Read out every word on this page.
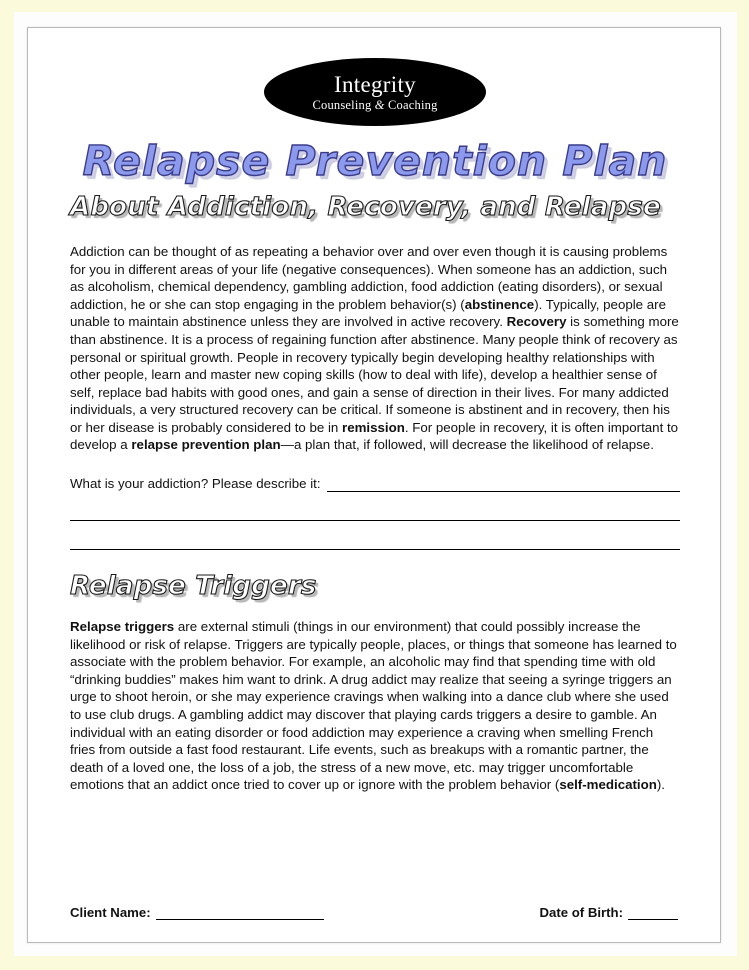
Integrity
Counseling & Coaching
Relapse Prevention Plan
About Addiction, Recovery, and Relapse

Addiction can be thought of as repeating a behavior over and over even though it is causing problems for you in different areas of your life (negative consequences). When someone has an addiction, such as alcoholism, chemical dependency, gambling addiction, food addiction (eating disorders), or sexual addiction, he or she can stop engaging in the problem behavior(s) (abstinence). Typically, people are unable to maintain abstinence unless they are involved in active recovery. Recovery is something more than abstinence. It is a process of regaining function after abstinence. Many people think of recovery as personal or spiritual growth. People in recovery typically begin developing healthy relationships with other people, learn and master new coping skills (how to deal with life), develop a healthier sense of self, replace bad habits with good ones, and gain a sense of direction in their lives. For many addicted individuals, a very structured recovery can be critical. If someone is abstinent and in recovery, then his or her disease is probably considered to be in remission. For people in recovery, it is often important to develop a relapse prevention plan—a plan that, if followed, will decrease the likelihood of relapse.

What is your addiction? Please describe it:
Relapse Triggers

Relapse triggers are external stimuli (things in our environment) that could possibly increase the likelihood or risk of relapse. Triggers are typically people, places, or things that someone has learned to associate with the problem behavior. For example, an alcoholic may find that spending time with old “drinking buddies” makes him want to drink. A drug addict may realize that seeing a syringe triggers an urge to shoot heroin, or she may experience cravings when walking into a dance club where she used to use club drugs. A gambling addict may discover that playing cards triggers a desire to gamble. An individual with an eating disorder or food addiction may experience a craving when smelling French fries from outside a fast food restaurant. Life events, such as breakups with a romantic partner, the death of a loved one, the loss of a job, the stress of a new move, etc. may trigger uncomfortable emotions that an addict once tried to cover up or ignore with the problem behavior (self-medication).

Client Name:	Date of Birth:
